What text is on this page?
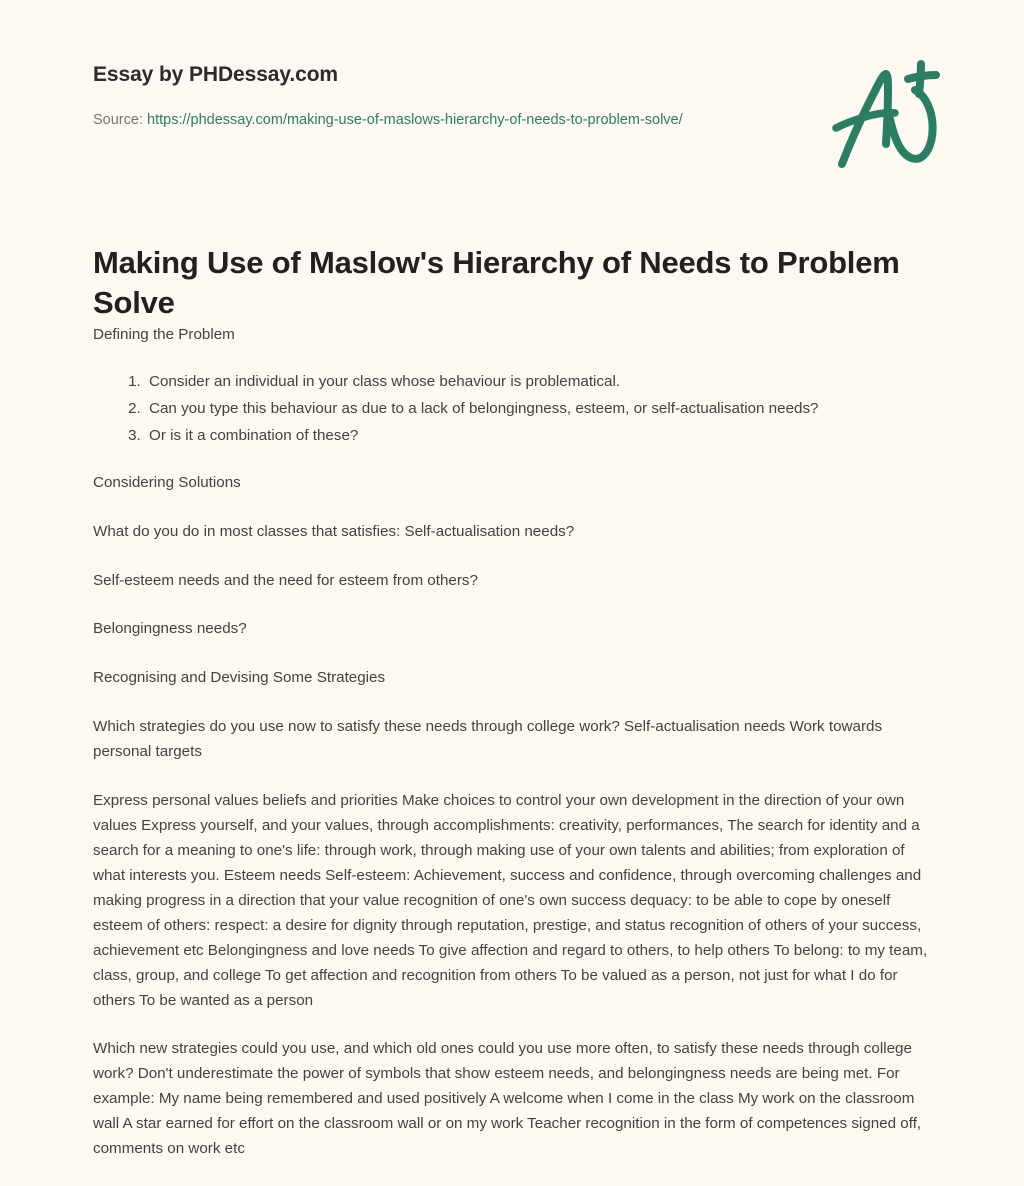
Essay by PHDessay.com
Source: https://phdessay.com/making-use-of-maslows-hierarchy-of-needs-to-problem-solve/
Making Use of Maslow's Hierarchy of Needs to Problem Solve

Defining the Problem

1. Consider an individual in your class whose behaviour is problematical.
2. Can you type this behaviour as due to a lack of belongingness, esteem, or self-actualisation needs?
3. Or is it a combination of these?

Considering Solutions

What do you do in most classes that satisfies: Self-actualisation needs?

Self-esteem needs and the need for esteem from others?

Belongingness needs?

Recognising and Devising Some Strategies

Which strategies do you use now to satisfy these needs through college work? Self-actualisation needs Work towards personal targets

Express personal values beliefs and priorities Make choices to control your own development in the direction of your own values Express yourself, and your values, through accomplishments: creativity, performances, The search for identity and a search for a meaning to one's life: through work, through making use of your own talents and abilities; from exploration of what interests you. Esteem needs Self-esteem: Achievement, success and confidence, through overcoming challenges and making progress in a direction that your value recognition of one's own success dequacy: to be able to cope by oneself esteem of others: respect: a desire for dignity through reputation, prestige, and status recognition of others of your success, achievement etc Belongingness and love needs To give affection and regard to others, to help others To belong: to my team, class, group, and college To get affection and recognition from others To be valued as a person, not just for what I do for others To be wanted as a person

Which new strategies could you use, and which old ones could you use more often, to satisfy these needs through college work? Don't underestimate the power of symbols that show esteem needs, and belongingness needs are being met. For example: My name being remembered and used positively A welcome when I come in the class My work on the classroom wall A star earned for effort on the classroom wall or on my work Teacher recognition in the form of competences signed off, comments on work etc
